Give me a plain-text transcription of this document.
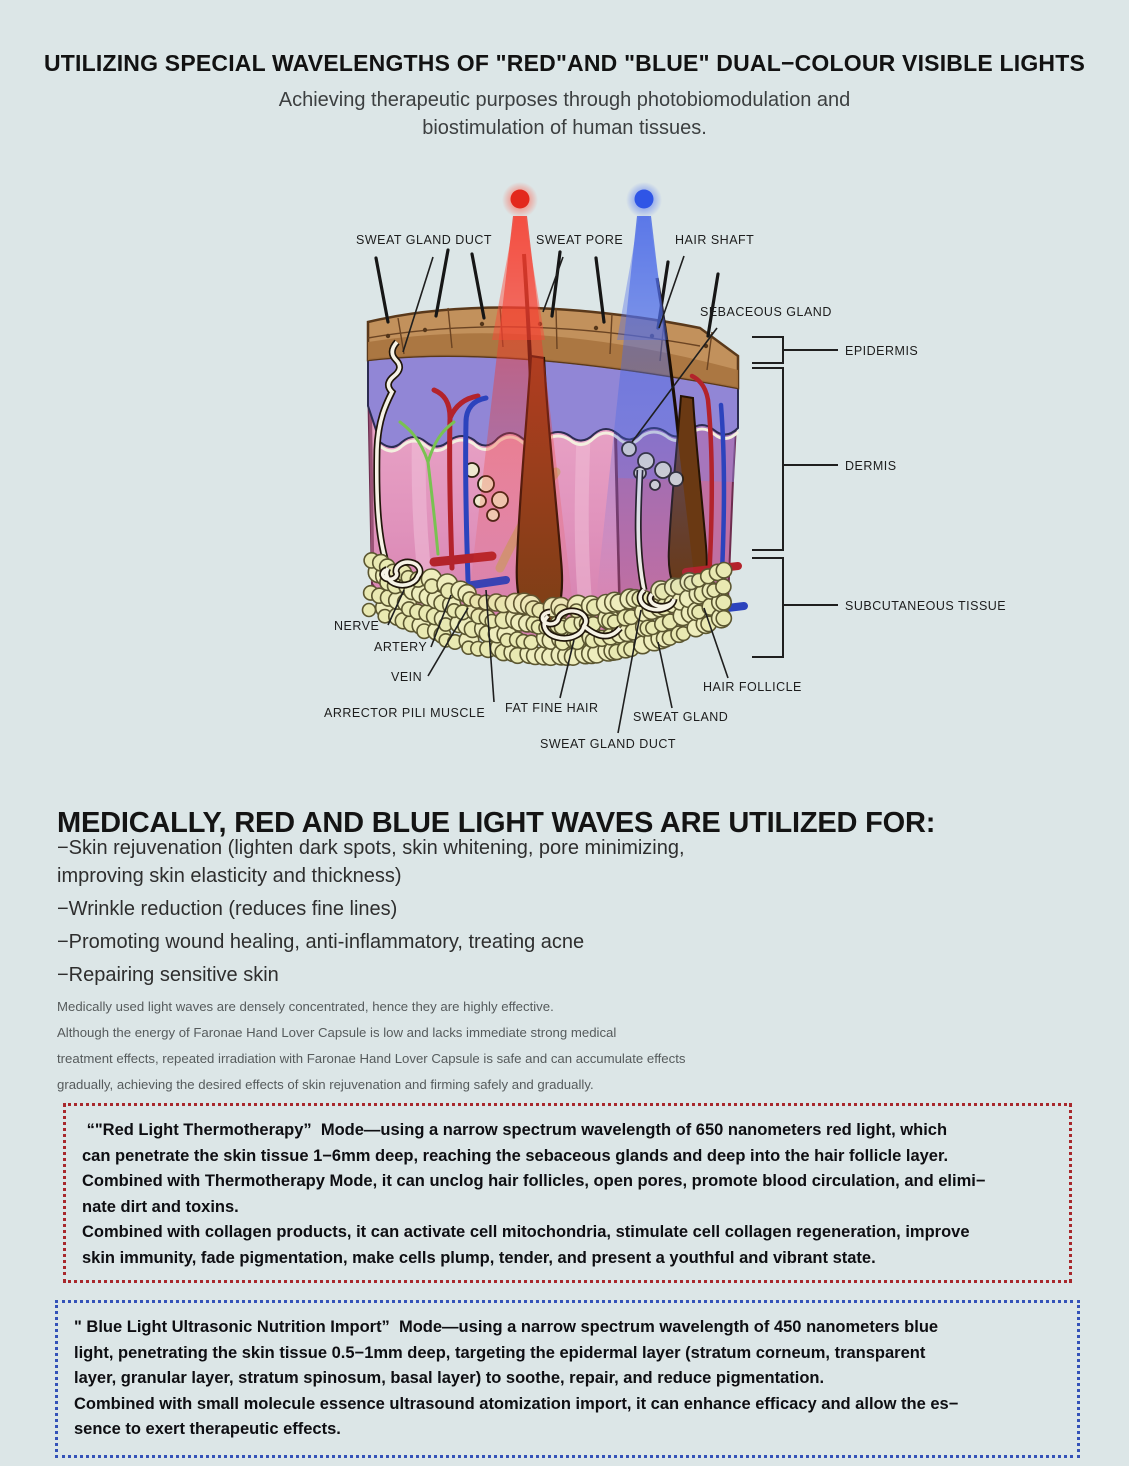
UTILIZING SPECIAL WAVELENGTHS OF "RED"AND "BLUE" DUAL−COLOUR VISIBLE LIGHTS
Achieving therapeutic purposes through photobiomodulation and
biostimulation of human tissues.
SWEAT GLAND DUCT	SWEAT PORE	HAIR SHAFT
SEBACEOUS GLAND
EPIDERMIS
DERMIS
SUBCUTANEOUS TISSUE
NERVE
ARTERY
VEIN
ARRECTOR PILI MUSCLE FAT FINE HAIR
SWEAT GLAND
SWEAT GLAND DUCT
HAIR FOLLICLE
MEDICALLY, RED AND BLUE LIGHT WAVES ARE UTILIZED FOR:
−Skin rejuvenation (lighten dark spots, skin whitening, pore minimizing,
improving skin elasticity and thickness)
−Wrinkle reduction (reduces fine lines)
−Promoting wound healing, anti-inflammatory, treating acne
−Repairing sensitive skin
Medically used light waves are densely concentrated, hence they are highly effective.
Although the energy of Faronae Hand Lover Capsule is low and lacks immediate strong medical
treatment effects, repeated irradiation with Faronae Hand Lover Capsule is safe and can accumulate effects
gradually, achieving the desired effects of skin rejuvenation and firming safely and gradually.
“"Red Light Thermotherapy”  Mode—using a narrow spectrum wavelength of 650 nanometers red light, which
can penetrate the skin tissue 1−6mm deep, reaching the sebaceous glands and deep into the hair follicle layer.
Combined with Thermotherapy Mode, it can unclog hair follicles, open pores, promote blood circulation, and elimi−
nate dirt and toxins.
Combined with collagen products, it can activate cell mitochondria, stimulate cell collagen regeneration, improve
skin immunity, fade pigmentation, make cells plump, tender, and present a youthful and vibrant state.
" Blue Light Ultrasonic Nutrition Import”  Mode—using a narrow spectrum wavelength of 450 nanometers blue
light, penetrating the skin tissue 0.5−1mm deep, targeting the epidermal layer (stratum corneum, transparent
layer, granular layer, stratum spinosum, basal layer) to soothe, repair, and reduce pigmentation.
Combined with small molecule essence ultrasound atomization import, it can enhance efficacy and allow the es−
sence to exert therapeutic effects.
